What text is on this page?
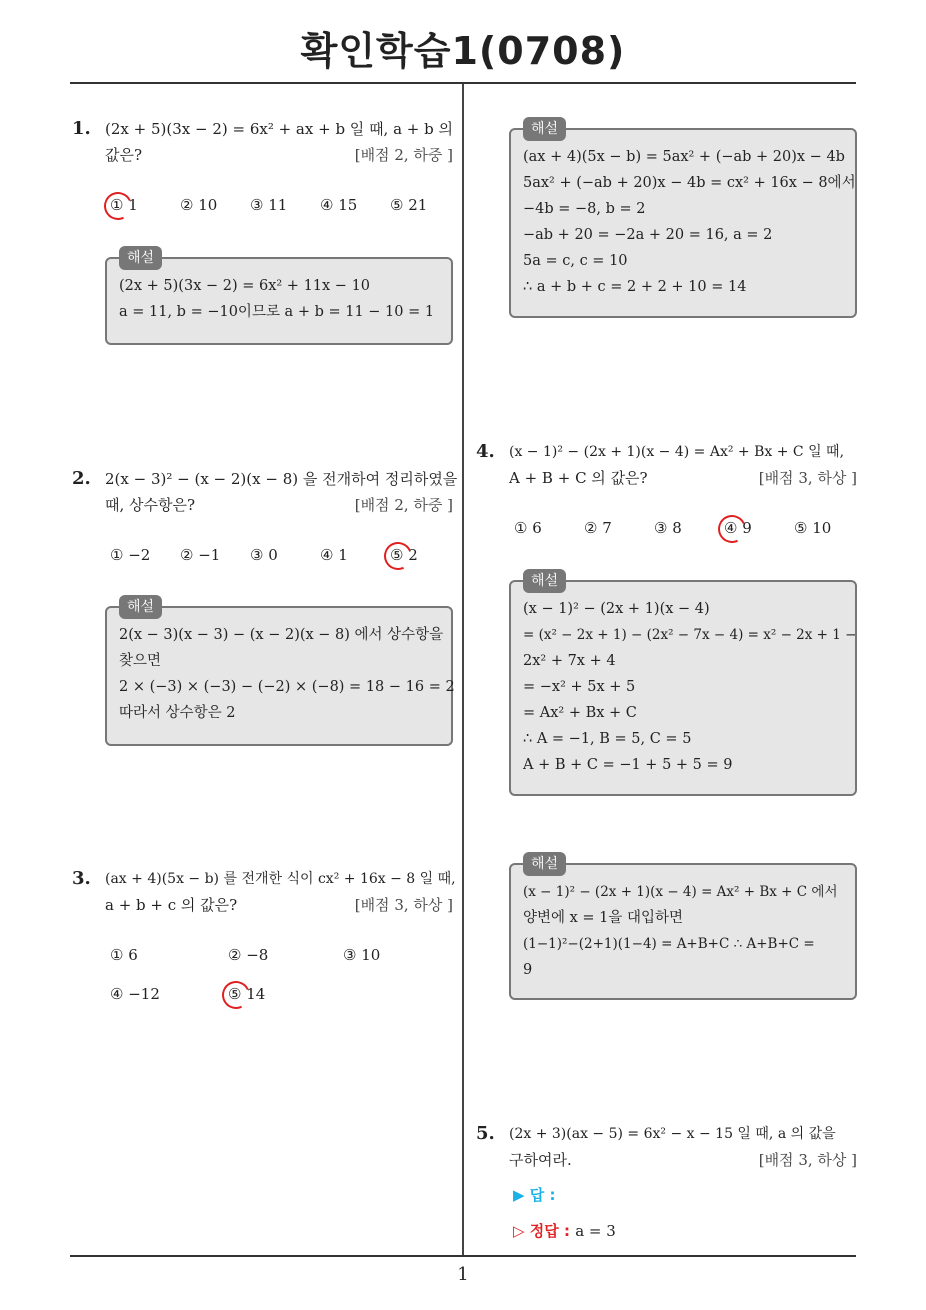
확인학습1(0708)
1. (2x + 5)(3x − 2) = 6x² + ax + b 일 때, a + b 의
값은?	[배점 2, 하중 ]
① 1	② 10 ③ 11 ④ 15 ⑤ 21
해설
(2x + 5)(3x − 2) = 6x² + 11x − 10
a = 11, b = −10이므로 a + b = 11 − 10 = 1
2. 2(x − 3)² − (x − 2)(x − 8) 을 전개하여 정리하였을
때, 상수항은?	[배점 2, 하중 ]
① −2 ② −1 ③ 0	④ 1	⑤ 2
해설
2(x − 3)(x − 3) − (x − 2)(x − 8) 에서 상수항을
찾으면
2 × (−3) × (−3) − (−2) × (−8) = 18 − 16 = 2
따라서 상수항은 2
3. (ax + 4)(5x − b) 를 전개한 식이 cx² + 16x − 8 일 때,
a + b + c 의 값은?	[배점 3, 하상 ]
① 6	② −8	③ 10
④ −12	⑤ 14
해설
(ax + 4)(5x − b) = 5ax² + (−ab + 20)x − 4b
5ax² + (−ab + 20)x − 4b = cx² + 16x − 8에서
−4b = −8, b = 2
−ab + 20 = −2a + 20 = 16, a = 2
5a = c, c = 10
∴ a + b + c = 2 + 2 + 10 = 14
4. (x − 1)² − (2x + 1)(x − 4) = Ax² + Bx + C 일 때,
A + B + C 의 값은?	[배점 3, 하상 ]
① 6	② 7	③ 8	④ 9	⑤ 10
해설
(x − 1)² − (2x + 1)(x − 4)
= (x² − 2x + 1) − (2x² − 7x − 4) = x² − 2x + 1 −
2x² + 7x + 4
= −x² + 5x + 5
= Ax² + Bx + C
∴ A = −1, B = 5, C = 5
A + B + C = −1 + 5 + 5 = 9
해설
(x − 1)² − (2x + 1)(x − 4) = Ax² + Bx + C 에서
양변에 x = 1을 대입하면
(1−1)²−(2+1)(1−4) = A+B+C ∴ A+B+C =
9
5. (2x + 3)(ax − 5) = 6x² − x − 15 일 때, a 의 값을
구하여라.	[배점 3, 하상 ]
▶ 답 :
▷ 정답 : a = 3
1
